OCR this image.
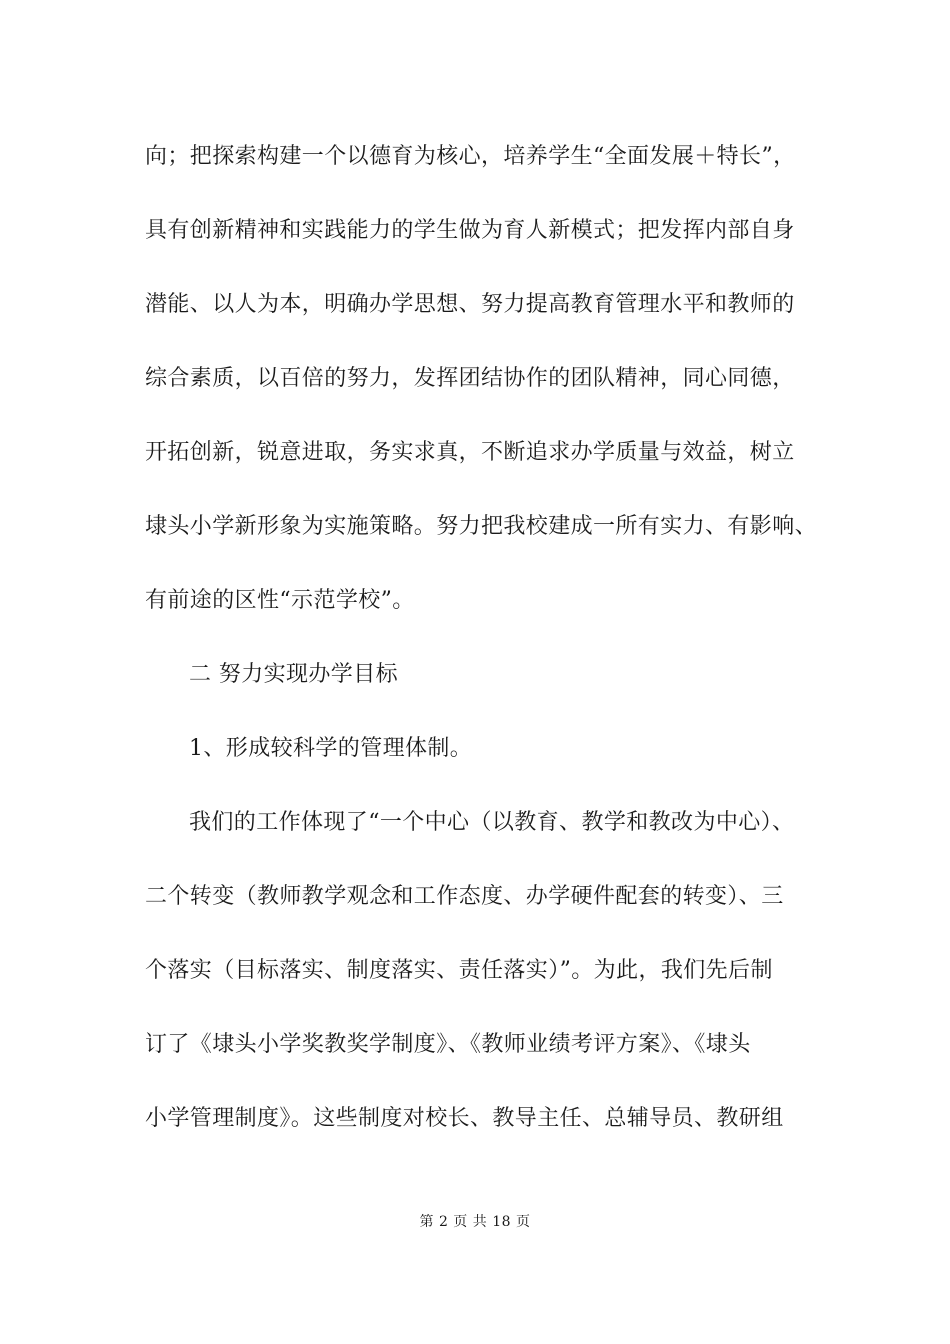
向；把探索构建一个以德育为核心，培养学生“全面发展＋特长”，
具有创新精神和实践能力的学生做为育人新模式；把发挥内部自身
潜能、以人为本，明确办学思想、努力提高教育管理水平和教师的
综合素质，以百倍的努力，发挥团结协作的团队精神，同心同德，
开拓创新，锐意进取，务实求真，不断追求办学质量与效益，树立
埭头小学新形象为实施策略。努力把我校建成一所有实力、有影响、
有前途的区性“示范学校”。
二 努力实现办学目标
1、形成较科学的管理体制。
我们的工作体现了“一个中心（以教育、教学和教改为中心）、
二个转变（教师教学观念和工作态度、办学硬件配套的转变）、三
个落实（目标落实、制度落实、责任落实）”。为此，我们先后制
订了《埭头小学奖教奖学制度》、《教师业绩考评方案》、《埭头
小学管理制度》。这些制度对校长、教导主任、总辅导员、教研组
第 2 页 共 18 页
